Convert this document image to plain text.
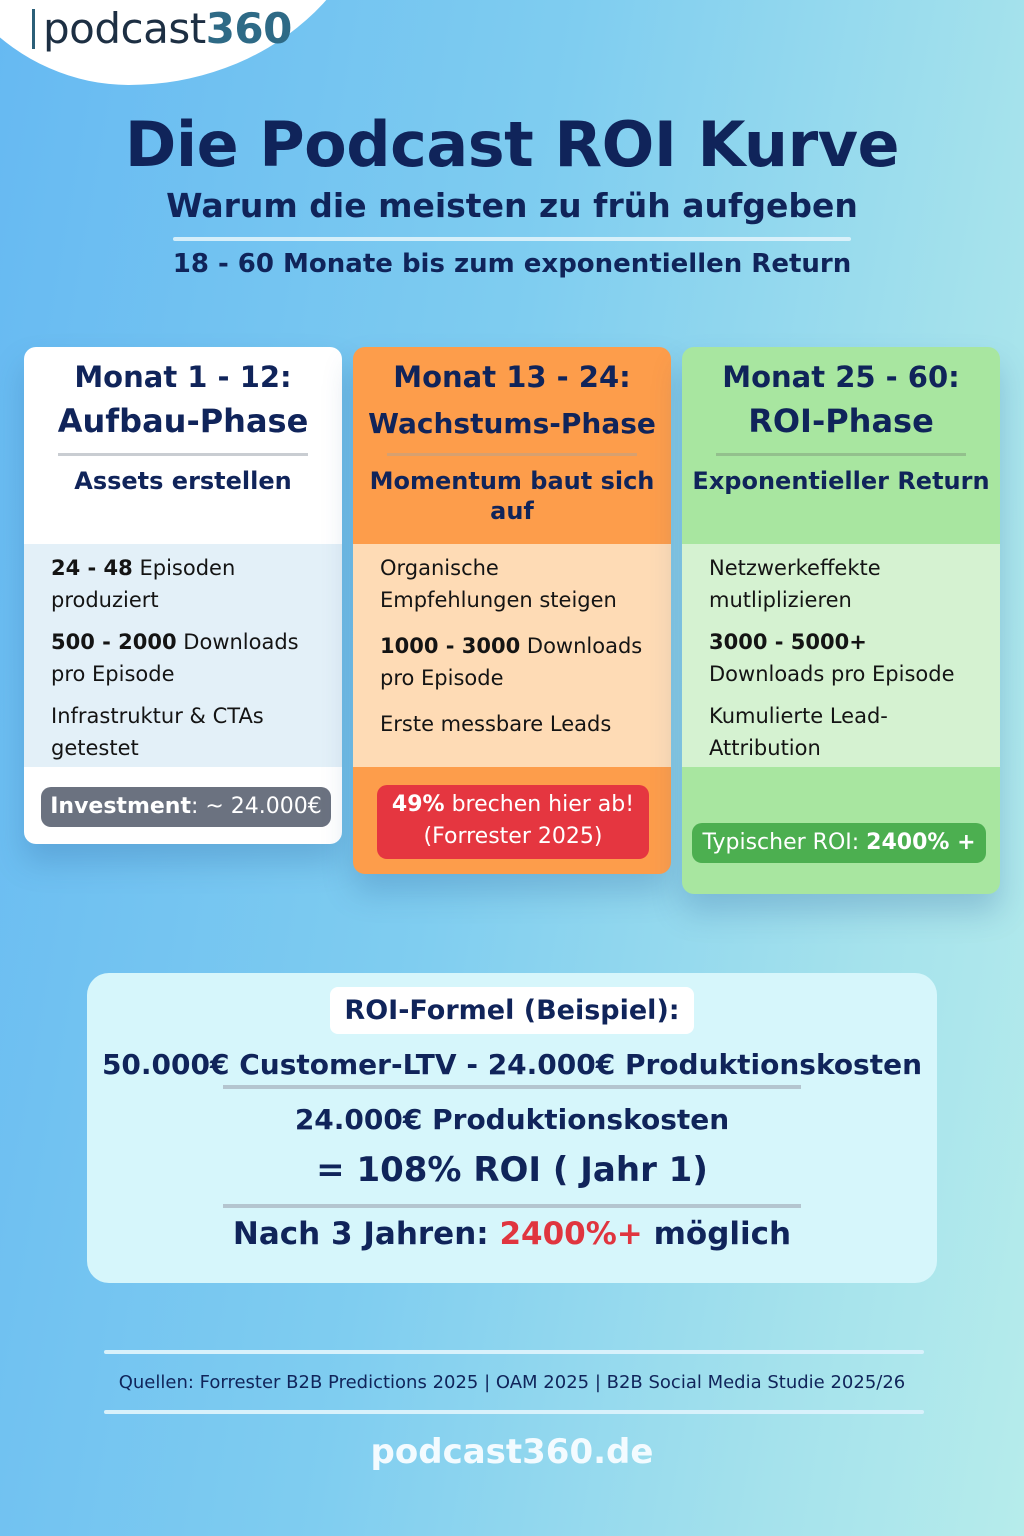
podcast 360
Die Podcast ROI Kurve
Warum die meisten zu früh aufgeben
18 - 60 Monate bis zum exponentiellen Return
Monat 1 - 12:
Aufbau-Phase
Assets erstellen
24 - 48 Episoden produziert
500 - 2000 Downloads pro Episode
Infrastruktur & CTAs getestet
Investment: ~ 24.000€
Monat 13 - 24:
Wachstums-Phase
Momentum baut sich auf
Organische Empfehlungen steigen
1000 - 3000 Downloads pro Episode
Erste messbare Leads
49% brechen hier ab!
(Forrester 2025)
Monat 25 - 60:
ROI-Phase
Exponentieller Return
Netzwerkeffekte mutliplizieren
3000 - 5000+
Downloads pro Episode
Kumulierte Lead-Attribution
Typischer ROI: 2400% +
ROI-Formel (Beispiel):
50.000€ Customer-LTV - 24.000€ Produktionskosten
24.000€ Produktionskosten
= 108% ROI ( Jahr 1)
Nach 3 Jahren: 2400%+ möglich
Quellen: Forrester B2B Predictions 2025 | OAM 2025 | B2B Social Media Studie 2025/26
podcast360.de
